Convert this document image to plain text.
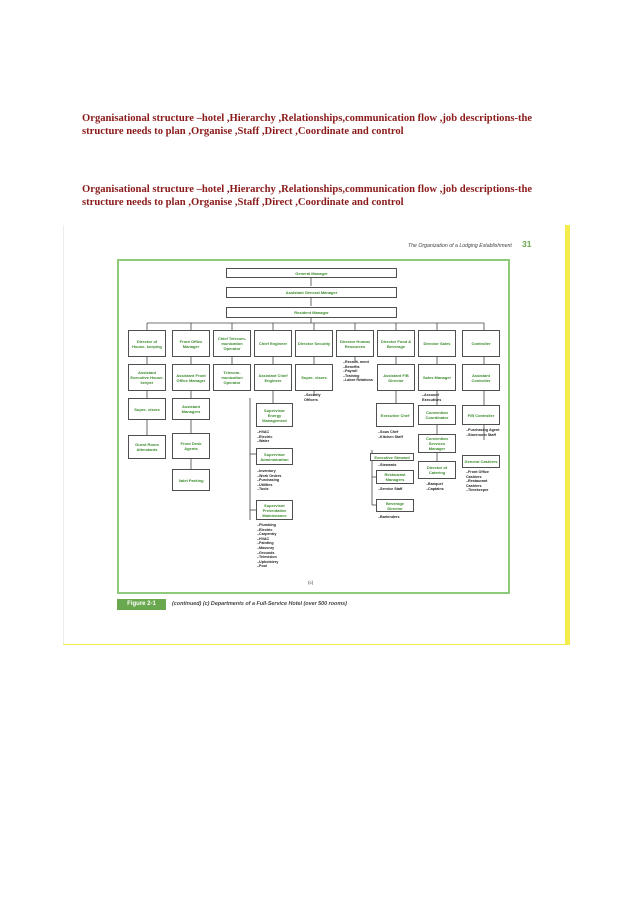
Organisational structure –hotel ,Hierarchy ,Relationships,communication flow ,job descriptions-the structure needs to plan ,Organise ,Staff ,Direct ,Coordinate and control
Organisational structure –hotel ,Hierarchy ,Relationships,communication flow ,job descriptions-the structure needs to plan ,Organise ,Staff ,Direct ,Coordinate and control
The Organization of a Lodging Establishment 31
General Manager
Assistant General Manager
Resident Manager
Director of House- keeping
Assistant Executive House- keeper
Super- visors
Guest Room Attendants
Front Office Manager
Assistant Front Office Manager
Assistant Managers
Front Desk Agents
Valet Parking
Chief Telecom- munication Operator
Telecom- munication Operator
Chief Engineer
Assistant Chief Engineer
Supervisor Energy Management
–HVAC
–Electric
–Water
Supervisor Administration
–Inventory
–Work Orders
–Purchasing
–Utilities
–Tools
Supervisor Preventative Maintenance
–Plumbing
–Electric
–Carpentry
–HVAC
–Painting
–Masonry
–Grounds
–Television
–Upholstery
–Pool
Director Security
Super- visors
–Security Officers
Director Human Resources
–Recruit- ment
–Benefits
–Payroll
–Training
–Labor Relations
Director Food & Beverage
Assistant F/B Director
Executive Chef
–Sous Chef
–Kitchen Staff
Executive Steward
–Stewards
Restaurant Managers
–Service Staff
Beverage Director
–Bartenders
Director Sales
Sales Manager
–Account Executives
Convention Coordinator
Convention Services Manager
Director of Catering
–Banquet
–Captains
Controller
Assistant Controller
F/B Controller
–Purchasing Agent
–Storeroom Staff
General Cashiers
–Front Office Cashiers
–Restaurant Cashiers
–Timekeeper
(c)
Figure 2-1	(continued) (c) Departments of a Full-Service Hotel (over 500 rooms)
